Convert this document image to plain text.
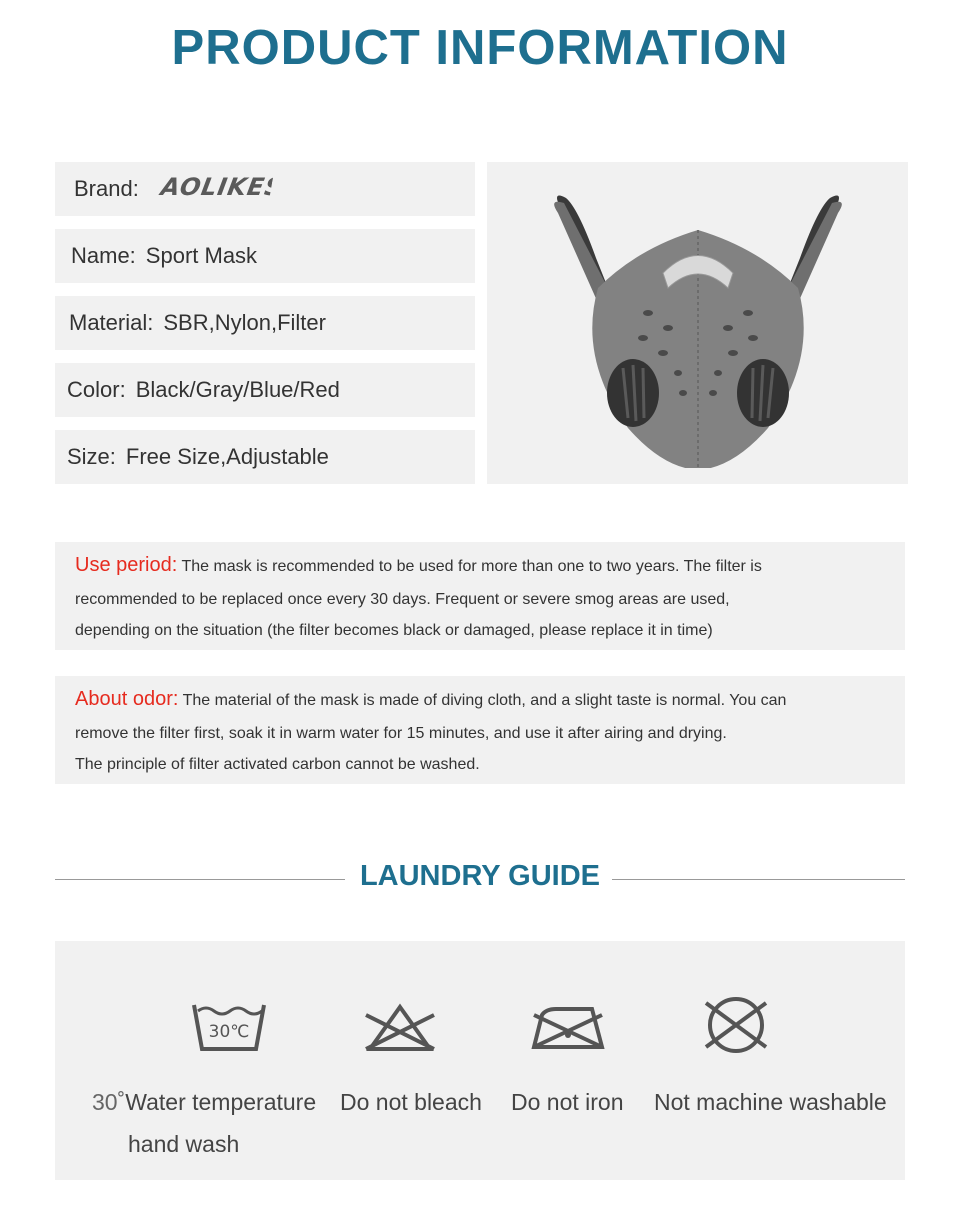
PRODUCT INFORMATION
Brand: AOLIKES
Name: Sport Mask
Material: SBR,Nylon,Filter
Color: Black/Gray/Blue/Red
Size: Free Size,Adjustable
Use period: The mask is recommended to be used for more than one to two years. The filter is
recommended to be replaced once every 30 days. Frequent or severe smog areas are used,
depending on the situation (the filter becomes black or damaged, please replace it in time)
About odor: The material of the mask is made of diving cloth, and a slight taste is normal. You can
remove the filter first, soak it in warm water for 15 minutes, and use it after airing and drying.
The principle of filter activated carbon cannot be washed.
LAUNDRY GUIDE
30℃
30˚Water temperature
hand wash
Do not bleach Do not iron Not machine washable
